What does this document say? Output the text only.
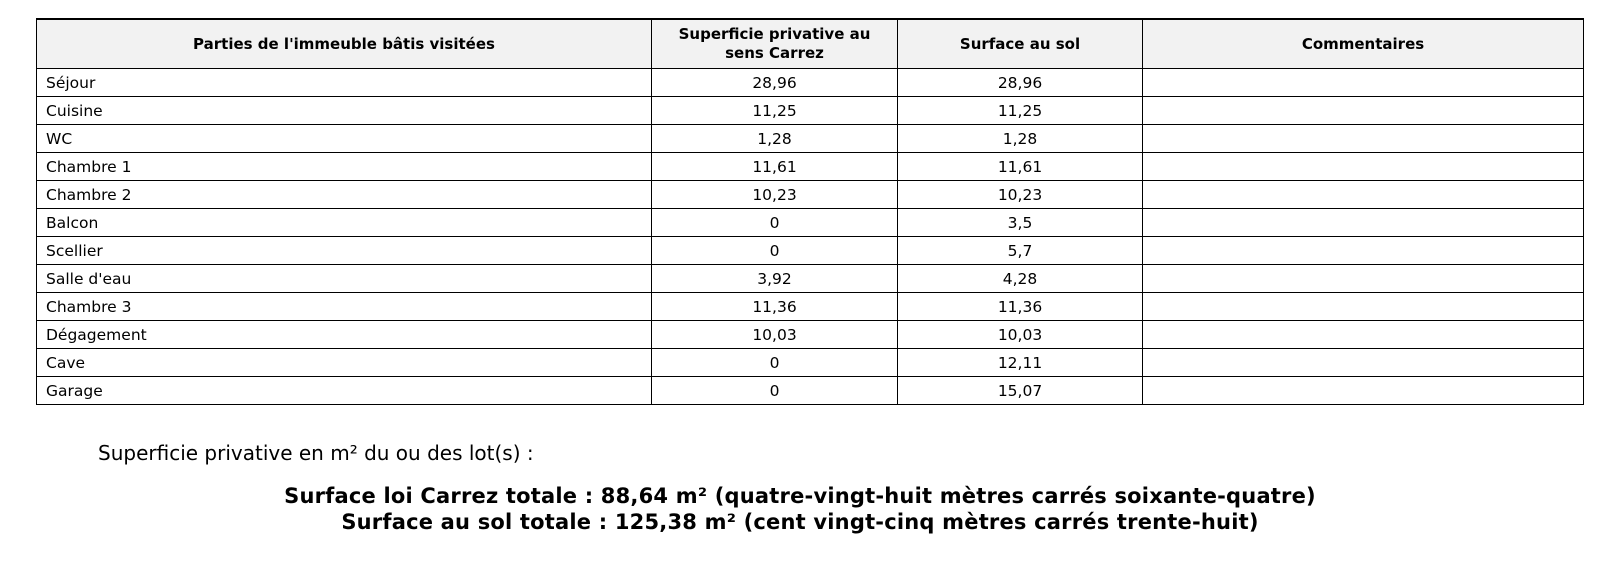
Parties de l'immeuble bâtis visitées	Superficie privative au sens Carrez	Surface au sol	Commentaires
Séjour	28,96	28,96	
Cuisine	11,25	11,25	
WC	1,28	1,28	
Chambre 1	11,61	11,61	
Chambre 2	10,23	10,23	
Balcon	0	3,5	
Scellier	0	5,7	
Salle d'eau	3,92	4,28	
Chambre 3	11,36	11,36	
Dégagement	10,03	10,03	
Cave	0	12,11	
Garage	0	15,07	

Superficie privative en m² du ou des lot(s) :

Surface loi Carrez totale : 88,64 m² (quatre-vingt-huit mètres carrés soixante-quatre)

Surface au sol totale : 125,38 m² (cent vingt-cinq mètres carrés trente-huit)
